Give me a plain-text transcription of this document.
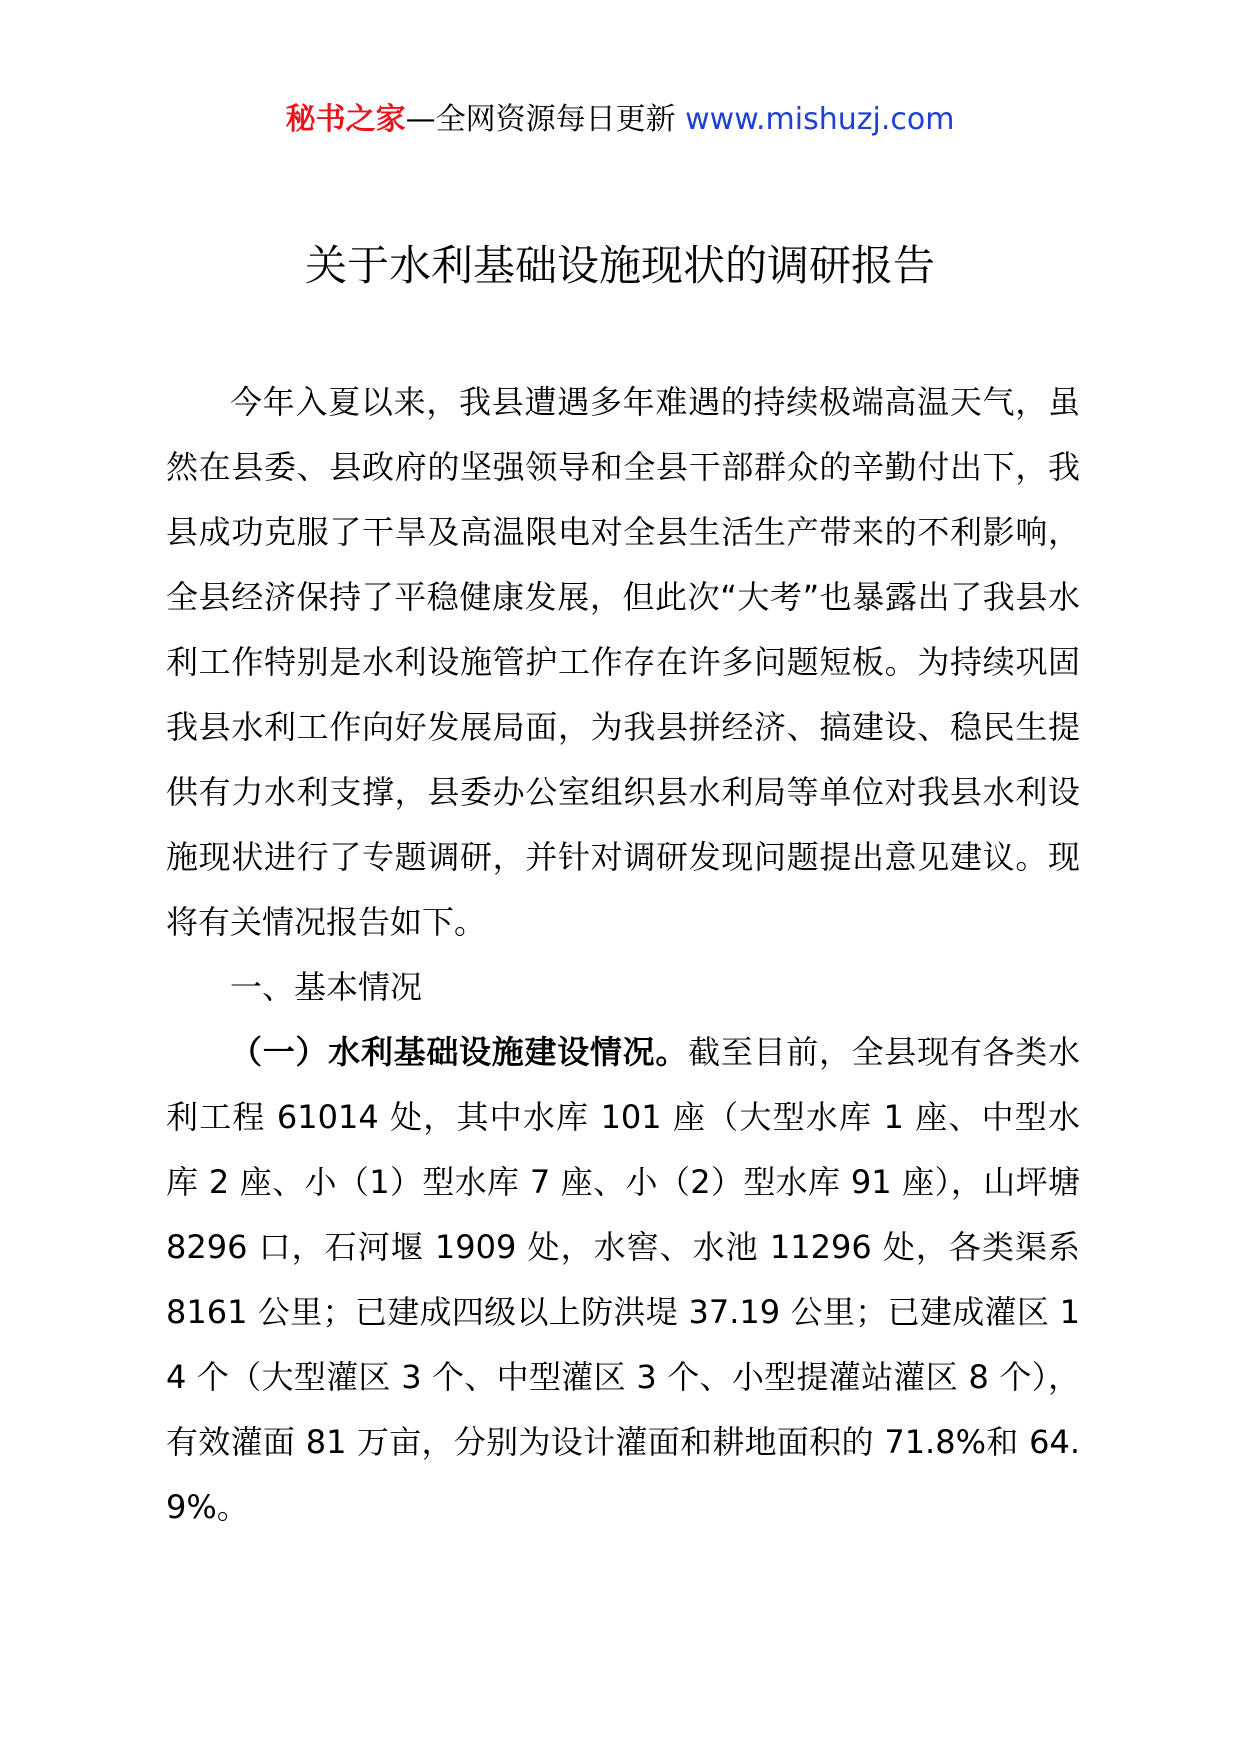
秘书之家—全网资源每日更新 www.mishuzj.com
关于水利基础设施现状的调研报告

今年入夏以来，我县遭遇多年难遇的持续极端高温天气，虽然在县委、县政府的坚强领导和全县干部群众的辛勤付出下，我县成功克服了干旱及高温限电对全县生活生产带来的不利影响，全县经济保持了平稳健康发展，但此次“大考”也暴露出了我县水利工作特别是水利设施管护工作存在许多问题短板。为持续巩固我县水利工作向好发展局面，为我县拼经济、搞建设、稳民生提供有力水利支撑，县委办公室组织县水利局等单位对我县水利设施现状进行了专题调研，并针对调研发现问题提出意见建议。现将有关情况报告如下。

一、基本情况

（一）水利基础设施建设情况。截至目前，全县现有各类水利工程 61014 处，其中水库 101 座（大型水库 1 座、中型水库 2 座、小（1）型水库 7 座、小（2）型水库 91 座），山坪塘 8296 口，石河堰 1909 处，水窖、水池 11296 处，各类渠系 8161 公里；已建成四级以上防洪堤 37.19 公里；已建成灌区 14 个（大型灌区 3 个、中型灌区 3 个、小型提灌站灌区 8 个），有效灌面 81 万亩，分别为设计灌面和耕地面积的 71.8%和 64.9%。
